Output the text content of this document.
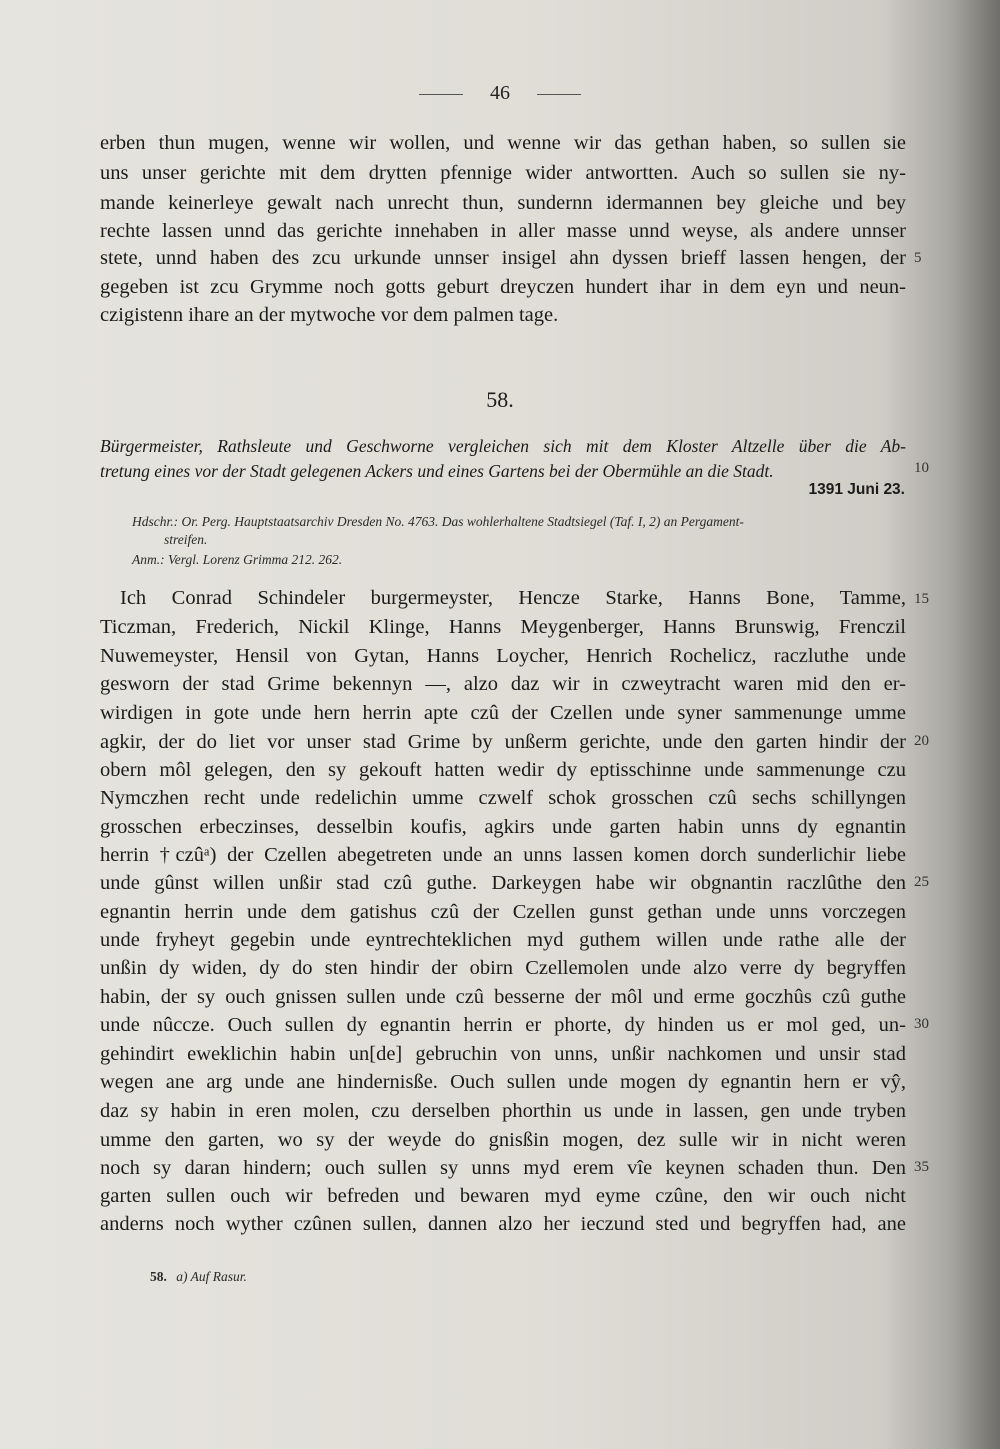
46
erben thun mugen, wenne wir wollen, und wenne wir das gethan haben, so sullen sie
uns unser gerichte mit dem drytten pfennige wider antwortten. Auch so sullen sie ny-
mande keinerleye gewalt nach unrecht thun, sundernn idermannen bey gleiche und bey
rechte lassen unnd das gerichte innehaben in aller masse unnd weyse, als andere unnser
stete, unnd haben des zcu urkunde unnser insigel ahn dyssen brieff lassen hengen, der
gegeben ist zcu Grymme noch gotts geburt dreyczen hundert ihar in dem eyn und neun-
czigistenn ihare an der mytwoche vor dem palmen tage.
58.
Bürgermeister, Rathsleute und Geschworne vergleichen sich mit dem Kloster Altzelle über die Ab-
tretung eines vor der Stadt gelegenen Ackers und eines Gartens bei der Obermühle an die Stadt.
1391 Juni 23.
Hdschr.: Or. Perg. Hauptstaatsarchiv Dresden No. 4763. Das wohlerhaltene Stadtsiegel (Taf. I, 2) an Pergament-
streifen.
Anm.: Vergl. Lorenz Grimma 212. 262.
Ich Conrad Schindeler burgermeyster, Hencze Starke, Hanns Bone, Tamme,
Ticzman, Frederich, Nickil Klinge, Hanns Meygenberger, Hanns Brunswig, Frenczil
Nuwemeyster, Hensil von Gytan, Hanns Loycher, Henrich Rochelicz, raczluthe unde
gesworn der stad Grime bekennyn —, alzo daz wir in czweytracht waren mid den er-
wirdigen in gote unde hern herrin apte czû der Czellen unde syner sammenunge umme
agkir, der do liet vor unser stad Grime by unßerm gerichte, unde den garten hindir der
obern môl gelegen, den sy gekouft hatten wedir dy eptisschinne unde sammenunge czu
Nymczhen recht unde redelichin umme czwelf schok grosschen czû sechs schillyngen
grosschen erbeczinses, desselbin koufis, agkirs unde garten habin unns dy egnantin
herrin †czûᵃ) der Czellen abegetreten unde an unns lassen komen dorch sunderlichir liebe
unde gûnst willen unßir stad czû guthe. Darkeygen habe wir obgnantin raczlûthe den
egnantin herrin unde dem gatishus czû der Czellen gunst gethan unde unns vorczegen
unde fryheyt gegebin unde eyntrechteklichen myd guthem willen unde rathe alle der
unßin dy widen, dy do sten hindir der obirn Czellemolen unde alzo verre dy begryffen
habin, der sy ouch gnissen sullen unde czû besserne der môl und erme goczhûs czû guthe
unde nûcczе. Ouch sullen dy egnantin herrin er phorte, dy hinden us er mol ged, un-
gehindirt eweklichin habin un[de] gebruchin von unns, unßir nachkomen und unsir stad
wegen ane arg unde ane hindernisße. Ouch sullen unde mogen dy egnantin hern er vŷ,
daz sy habin in eren molen, czu derselben phorthin us unde in lassen, gen unde tryben
umme den garten, wo sy der weyde do gnisßin mogen, dez sulle wir in nicht weren
noch sy daran hindern; ouch sullen sy unns myd erem vîe keynen schaden thun. Den
garten sullen ouch wir befreden und bewaren myd eyme czûne, den wir ouch nicht
anderns noch wyther czûnen sullen, dannen alzo her ieczund sted und begryffen had, ane
5
10
15
20
25
30
35
58. a) Auf Rasur.
